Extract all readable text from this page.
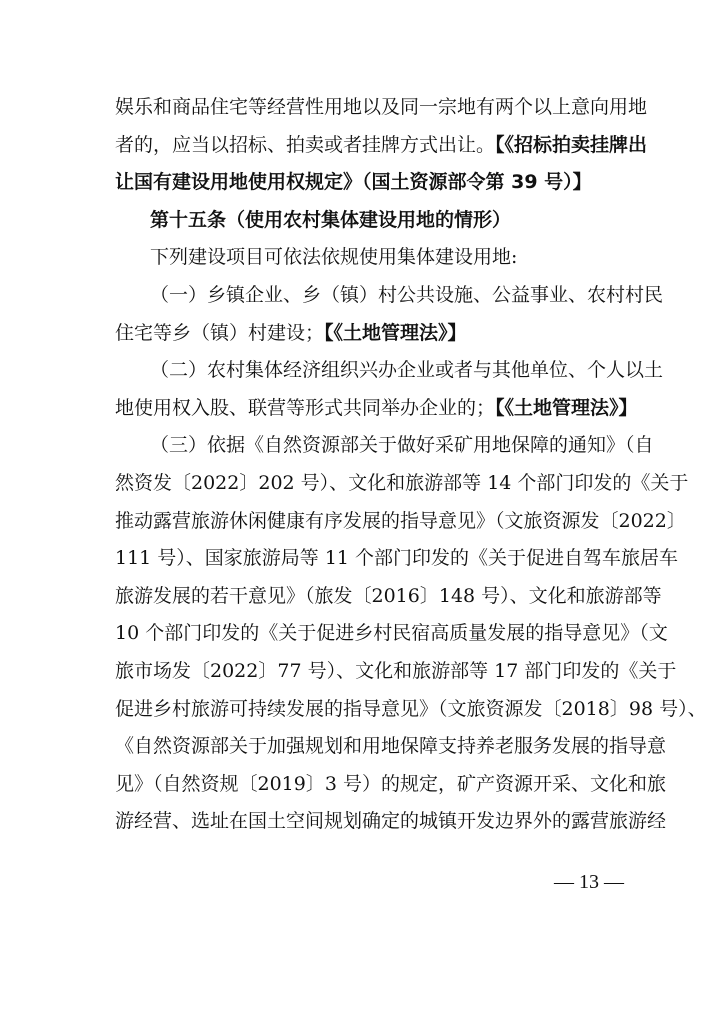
娱乐和商品住宅等经营性用地以及同一宗地有两个以上意向用地
者的，应当以招标、拍卖或者挂牌方式出让。【《招标拍卖挂牌出
让国有建设用地使用权规定》（国土资源部令第 39 号）】
第十五条（使用农村集体建设用地的情形）
下列建设项目可依法依规使用集体建设用地:
（一）乡镇企业、乡（镇）村公共设施、公益事业、农村村民
住宅等乡（镇）村建设；【《土地管理法》】
（二）农村集体经济组织兴办企业或者与其他单位、个人以土
地使用权入股、联营等形式共同举办企业的；【《土地管理法》】
（三）依据《自然资源部关于做好采矿用地保障的通知》（自
然资发〔2022〕202 号）、文化和旅游部等 14 个部门印发的《关于
推动露营旅游休闲健康有序发展的指导意见》（文旅资源发〔2022〕
111 号）、国家旅游局等 11 个部门印发的《关于促进自驾车旅居车
旅游发展的若干意见》（旅发〔2016〕148 号）、文化和旅游部等
10 个部门印发的《关于促进乡村民宿高质量发展的指导意见》（文
旅市场发〔2022〕77 号）、文化和旅游部等 17 部门印发的《关于
促进乡村旅游可持续发展的指导意见》（文旅资源发〔2018〕98 号）、
《自然资源部关于加强规划和用地保障支持养老服务发展的指导意
见》（自然资规〔2019〕3 号）的规定，矿产资源开采、文化和旅
游经营、选址在国土空间规划确定的城镇开发边界外的露营旅游经
— 13 —
